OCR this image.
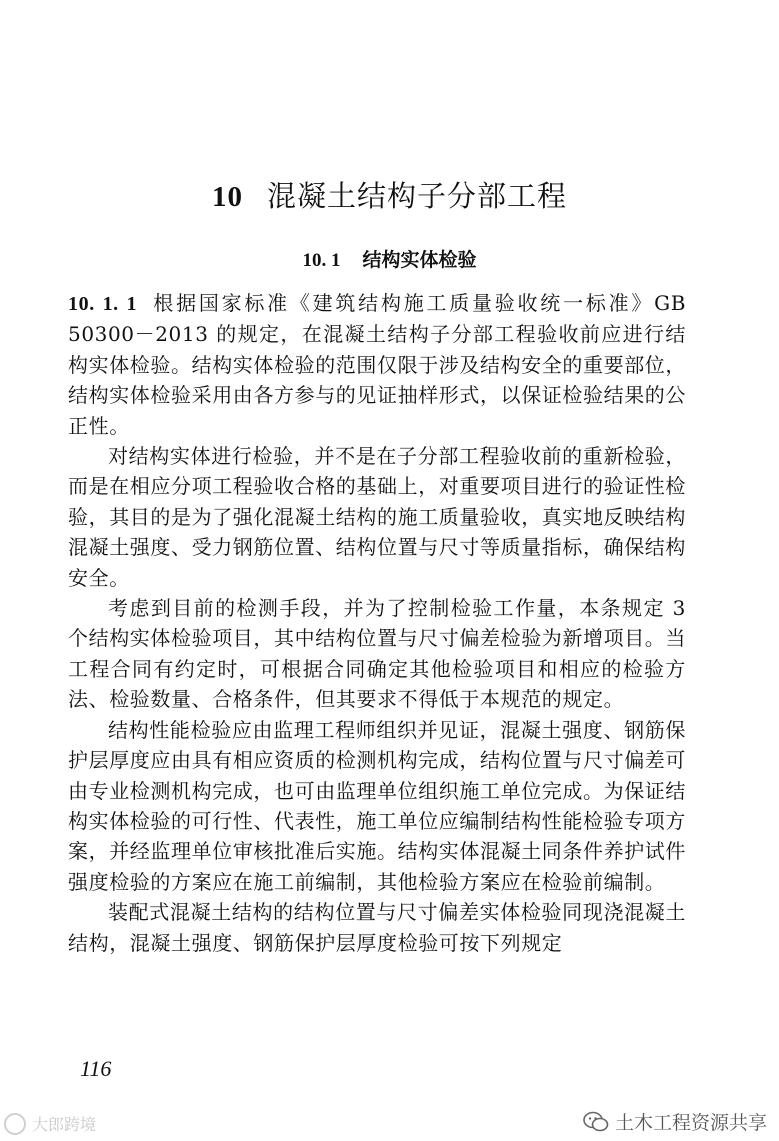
10 混凝土结构子分部工程
10. 1 结构实体检验

10. 1. 1 根据国家标准《建筑结构施工质量验收统一标准》GB 50300－2013 的规定，在混凝土结构子分部工程验收前应进行结构实体检验。结构实体检验的范围仅限于涉及结构安全的重要部位，结构实体检验采用由各方参与的见证抽样形式，以保证检验结果的公正性。

对结构实体进行检验，并不是在子分部工程验收前的重新检验，而是在相应分项工程验收合格的基础上，对重要项目进行的验证性检验，其目的是为了强化混凝土结构的施工质量验收，真实地反映结构混凝土强度、受力钢筋位置、结构位置与尺寸等质量指标，确保结构安全。

考虑到目前的检测手段，并为了控制检验工作量，本条规定 3 个结构实体检验项目，其中结构位置与尺寸偏差检验为新增项目。当工程合同有约定时，可根据合同确定其他检验项目和相应的检验方法、检验数量、合格条件，但其要求不得低于本规范的规定。

结构性能检验应由监理工程师组织并见证，混凝土强度、钢筋保护层厚度应由具有相应资质的检测机构完成，结构位置与尺寸偏差可由专业检测机构完成，也可由监理单位组织施工单位完成。为保证结构实体检验的可行性、代表性，施工单位应编制结构性能检验专项方案，并经监理单位审核批准后实施。结构实体混凝土同条件养护试件强度检验的方案应在施工前编制，其他检验方案应在检验前编制。

装配式混凝土结构的结构位置与尺寸偏差实体检验同现浇混凝土结构，混凝土强度、钢筋保护层厚度检验可按下列规定

116
大郎跨境	土木工程资源共享
